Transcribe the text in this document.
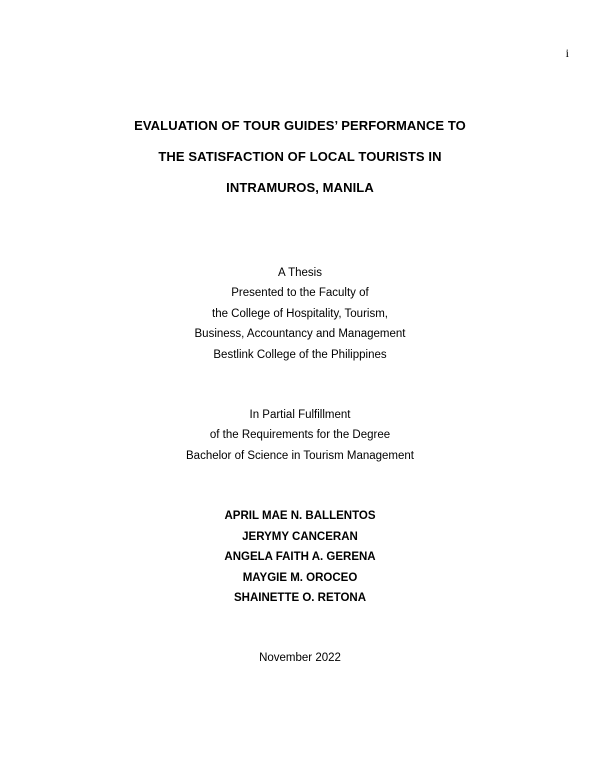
i
EVALUATION OF TOUR GUIDES’ PERFORMANCE TO
THE SATISFACTION OF LOCAL TOURISTS IN
INTRAMUROS, MANILA
A Thesis
Presented to the Faculty of
the College of Hospitality, Tourism,
Business, Accountancy and Management
Bestlink College of the Philippines
In Partial Fulfillment
of the Requirements for the Degree
Bachelor of Science in Tourism Management
APRIL MAE N. BALLENTOS
JERYMY CANCERAN
ANGELA FAITH A. GERENA
MAYGIE M. OROCEO
SHAINETTE O. RETONA
November 2022
